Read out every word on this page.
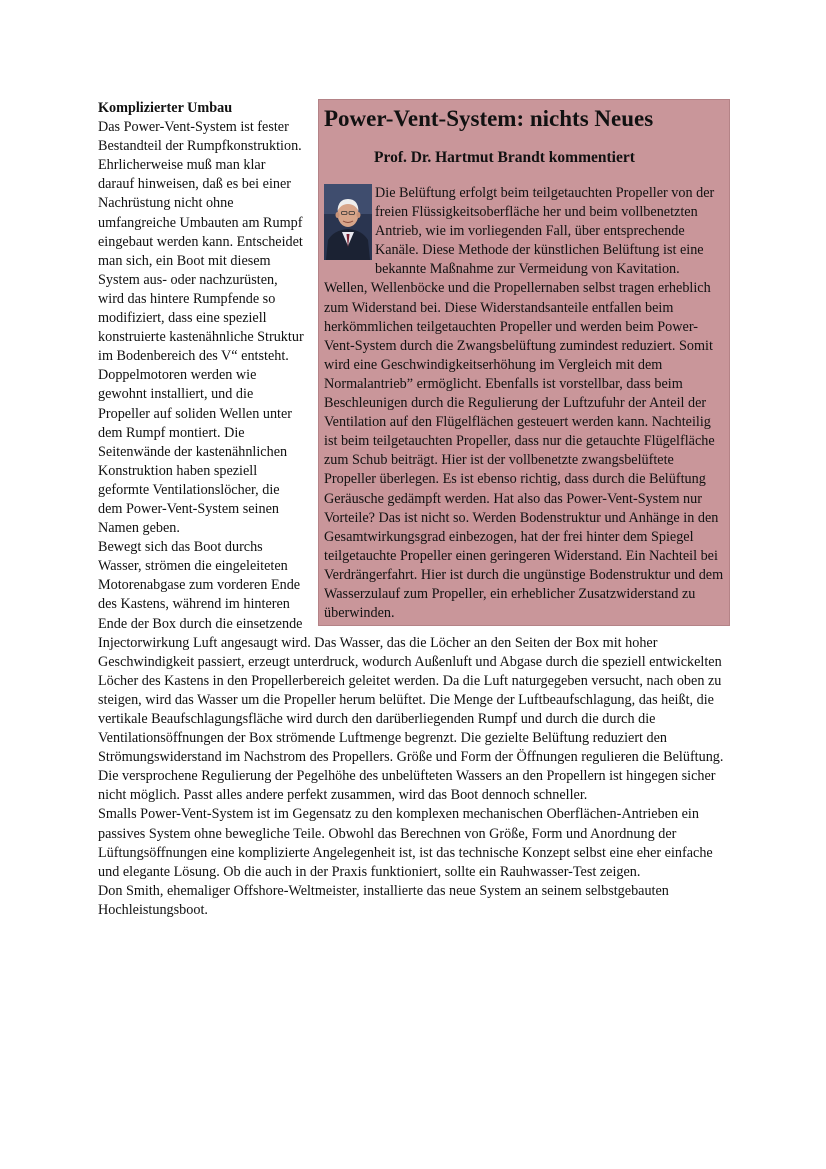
Power-Vent-System: nichts Neues
Prof. Dr. Hartmut Brandt kommentiert

Die Belüftung erfolgt beim teilgetauchten Propeller von der freien Flüssigkeitsoberfläche her und beim vollbenetzten Antrieb, wie im vorliegenden Fall, über entsprechende Kanäle. Diese Methode der künstlichen Belüftung ist eine bekannte Maßnahme zur Vermeidung von Kavitation. Wellen, Wellenböcke und die Propellernaben selbst tragen erheblich zum Widerstand bei. Diese Widerstandsanteile entfallen beim herkömmlichen teilgetauchten Propeller und werden beim Power-Vent-System durch die Zwangsbelüftung zumindest reduziert. Somit wird eine Geschwindigkeitserhöhung im Vergleich mit dem Normalantrieb” ermöglicht. Ebenfalls ist vorstellbar, dass beim Beschleunigen durch die Regulierung der Luftzufuhr der Anteil der Ventilation auf den Flügelflächen gesteuert werden kann. Nachteilig ist beim teilgetauchten Propeller, dass nur die getauchte Flügelfläche zum Schub beiträgt. Hier ist der vollbenetzte zwangsbelüftete Propeller überlegen. Es ist ebenso richtig, dass durch die Belüftung Geräusche gedämpft werden. Hat also das Power-Vent-System nur Vorteile? Das ist nicht so. Werden Bodenstruktur und Anhänge in den Gesamtwirkungsgrad einbezogen, hat der frei hinter dem Spiegel teilgetauchte Propeller einen geringeren Widerstand. Ein Nachteil bei Verdrängerfahrt. Hier ist durch die ungünstige Bodenstruktur und dem Wasserzulauf zum Propeller, ein erheblicher Zusatzwiderstand zu überwinden.

Komplizierter Umbau

Das Power-Vent-System ist fester Bestandteil der Rumpfkonstruktion. Ehrlicherweise muß man klar darauf hinweisen, daß es bei einer Nachrüstung nicht ohne umfangreiche Umbauten am Rumpf eingebaut werden kann. Entscheidet man sich, ein Boot mit diesem System aus- oder nachzurüsten, wird das hintere Rumpfende so modifiziert, dass eine speziell konstruierte kastenähnliche Struktur im Bodenbereich des V“ entsteht. Doppelmotoren werden wie gewohnt installiert, und die Propeller auf soliden Wellen unter dem Rumpf montiert. Die Seitenwände der kastenähnlichen Konstruktion haben speziell geformte Ventilationslöcher, die dem Power-Vent-System seinen Namen geben.

Bewegt sich das Boot durchs Wasser, strömen die eingeleiteten Motorenabgase zum vorderen Ende des Kastens, während im hinteren Ende der Box durch die einsetzende Injectorwirkung Luft angesaugt wird. Das Wasser, das die Löcher an den Seiten der Box mit hoher Geschwindigkeit passiert, erzeugt unterdruck, wodurch Außenluft und Abgase durch die speziell entwickelten Löcher des Kastens in den Propellerbereich geleitet werden. Da die Luft naturgegeben versucht, nach oben zu steigen, wird das Wasser um die Propeller herum belüftet. Die Menge der Luftbeaufschlagung, das heißt, die vertikale Beaufschlagungsfläche wird durch den darüberliegenden Rumpf und durch die durch die Ventilationsöffnungen der Box strömende Luftmenge begrenzt. Die gezielte Belüftung reduziert den Strömungswiderstand im Nachstrom des Propellers. Größe und Form der Öffnungen regulieren die Belüftung. Die versprochene Regulierung der Pegelhöhe des unbelüfteten Wassers an den Propellern ist hingegen sicher nicht möglich. Passt alles andere perfekt zusammen, wird das Boot dennoch schneller.

Smalls Power-Vent-System ist im Gegensatz zu den komplexen mechanischen Oberflächen-Antrieben ein passives System ohne bewegliche Teile. Obwohl das Berechnen von Größe, Form und Anordnung der Lüftungsöffnungen eine komplizierte Angelegenheit ist, ist das technische Konzept selbst eine eher einfache und elegante Lösung. Ob die auch in der Praxis funktioniert, sollte ein Rauhwasser-Test zeigen.

Don Smith, ehemaliger Offshore-Weltmeister, installierte das neue System an seinem selbstgebauten Hochleistungsboot.
